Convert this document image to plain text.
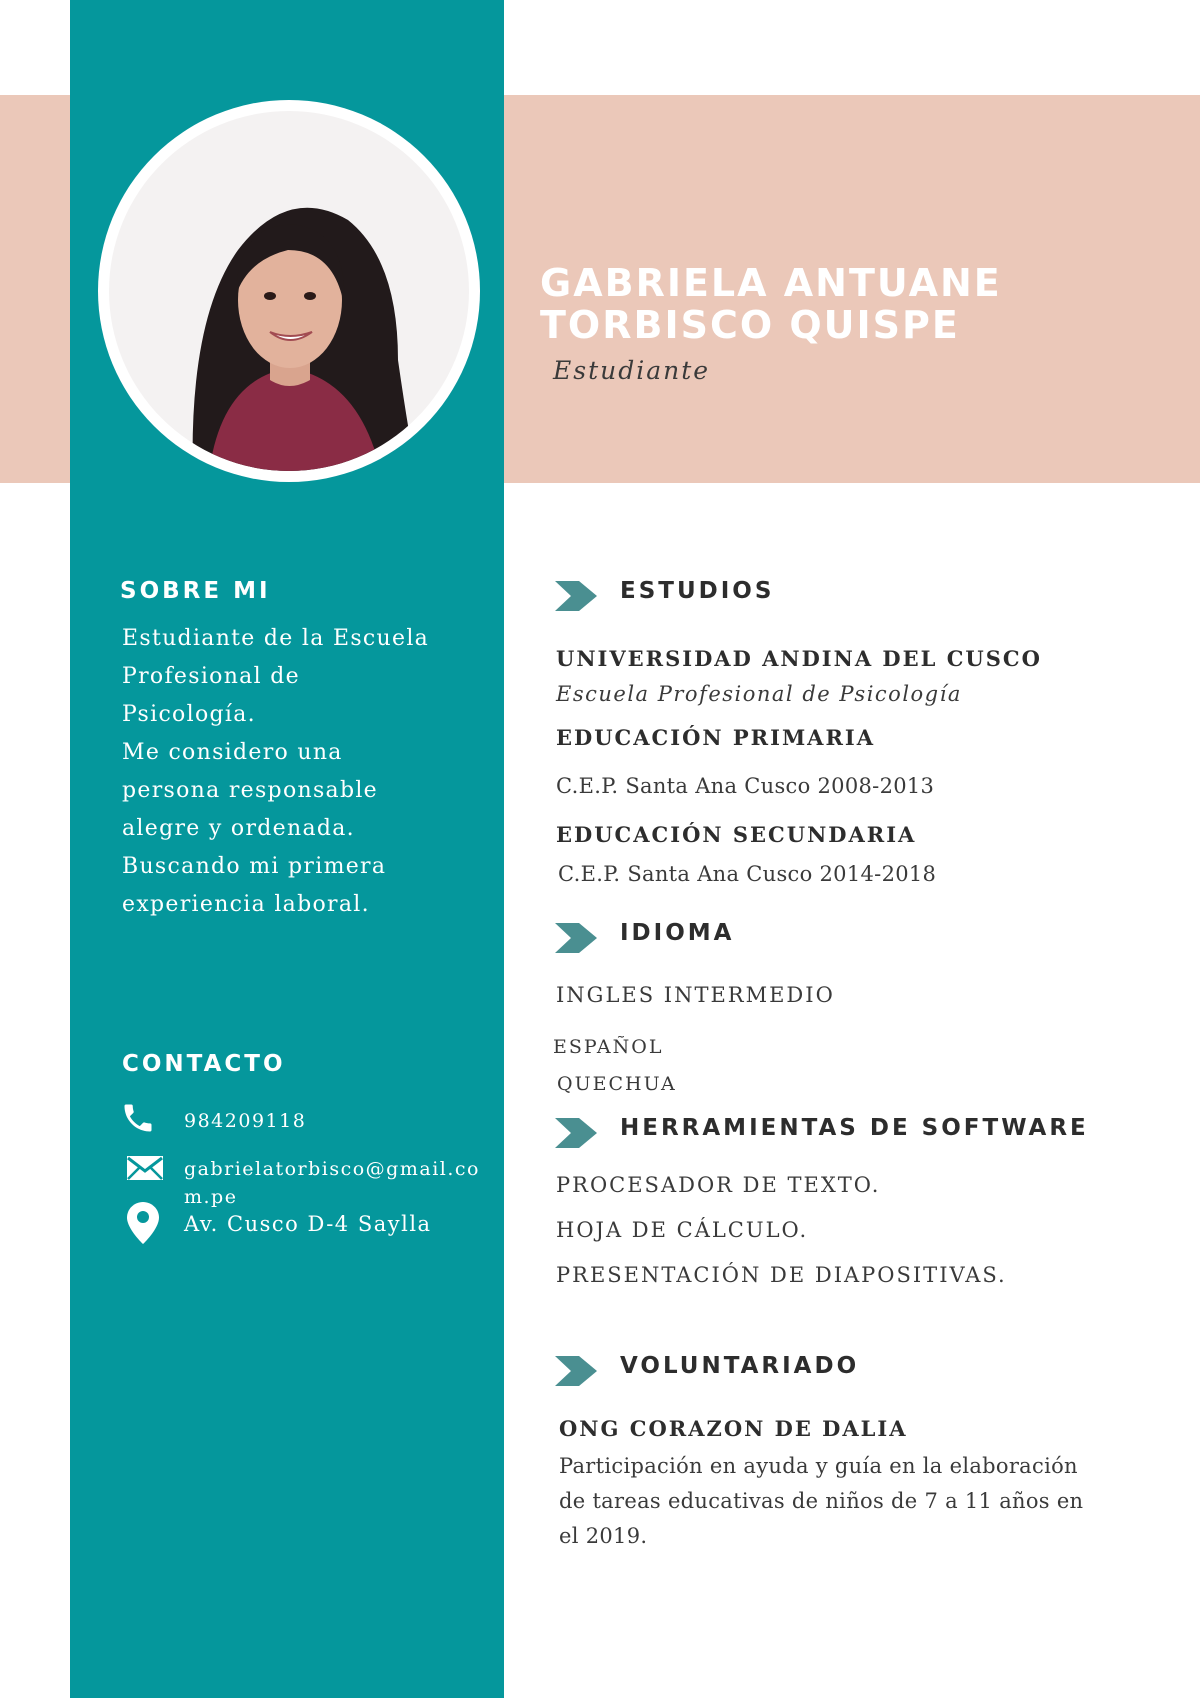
GABRIELA ANTUANE
TORBISCO QUISPE
Estudiante
SOBRE MI
Estudiante de la Escuela
Profesional de
Psicología.
Me considero una
persona responsable
alegre y ordenada.
Buscando mi primera
experiencia laboral.
CONTACTO
984209118
gabrielatorbisco@gmail.co
m.pe
Av. Cusco D-4 Saylla
ESTUDIOS
UNIVERSIDAD ANDINA DEL CUSCO
Escuela Profesional de Psicología
EDUCACIÓN PRIMARIA
C.E.P. Santa Ana Cusco 2008-2013
EDUCACIÓN SECUNDARIA
C.E.P. Santa Ana Cusco 2014-2018
IDIOMA
INGLES INTERMEDIO
ESPAÑOL
QUECHUA
HERRAMIENTAS DE SOFTWARE
PROCESADOR DE TEXTO.
HOJA DE CÁLCULO.
PRESENTACIÓN DE DIAPOSITIVAS.
VOLUNTARIADO
ONG CORAZON DE DALIA
Participación en ayuda y guía en la elaboración
de tareas educativas de niños de 7 a 11 años en
el 2019.
